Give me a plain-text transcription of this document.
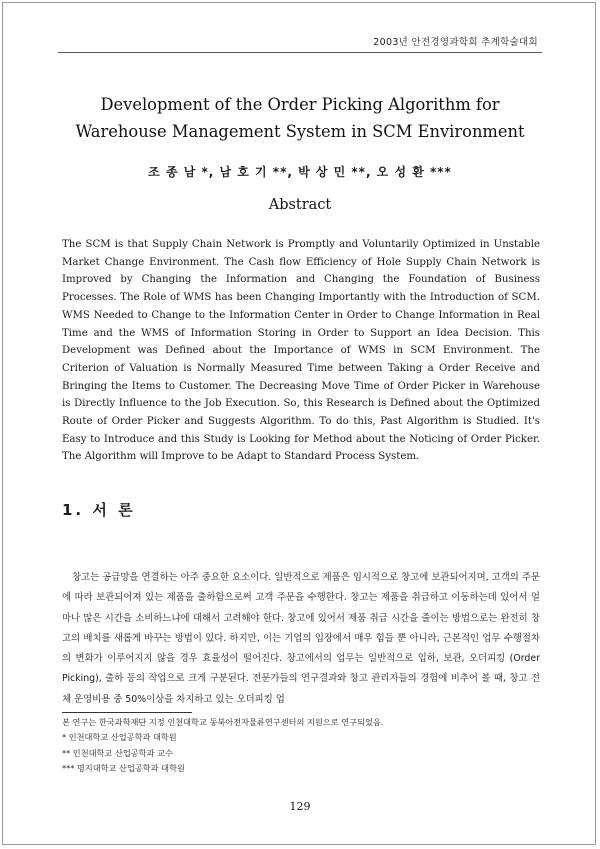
2003년 안전경영과학회 추계학술대회
Development of the Order Picking Algorithm for
Warehouse Management System in SCM Environment
조 종 남 *, 남 호 기 **, 박 상 민 **, 오 성 환 ***
Abstract
The SCM is that Supply Chain Network is Promptly and Voluntarily Optimized in Unstable Market Change Environment. The Cash flow Efficiency of Hole Supply Chain Network is Improved by Changing the Information and Changing the Foundation of Business Processes. The Role of WMS has been Changing Importantly with the Introduction of SCM. WMS Needed to Change to the Information Center in Order to Change Information in Real Time and the WMS of Information Storing in Order to Support an Idea Decision. This Development was Defined about the Importance of WMS in SCM Environment. The Criterion of Valuation is Normally Measured Time between Taking a Order Receive and Bringing the Items to Customer. The Decreasing Move Time of Order Picker in Warehouse is Directly Influence to the Job Execution. So, this Research is Defined about the Optimized Route of Order Picker and Suggests Algorithm. To do this, Past Algorithm is Studied. It's Easy to Introduce and this Study is Looking for Method about the Noticing of Order Picker. The Algorithm will Improve to be Adapt to Standard Process System.
1. 서 론
창고는 공급망을 연결하는 아주 중요한 요소이다. 일반적으로 제품은 임시적으로 창고에 보관되어지며, 고객의 주문에 따라 보관되어져 있는 제품을 출하함으로써 고객 주문을 수행한다. 창고는 제품을 취급하고 이동하는데 있어서 얼마나 많은 시간을 소비하느냐에 대해서 고려해야 한다. 창고에 있어서 제품 취급 시간을 줄이는 방법으로는 완전히 창고의 배치를 새롭게 바꾸는 방법이 있다. 하지만, 이는 기업의 입장에서 매우 힘들 뿐 아니라, 근본적인 업무 수행절차의 변화가 이루어지지 않을 경우 효율성이 떨어진다. 창고에서의 업무는 일반적으로 입하, 보관, 오더피킹 (Order Picking), 출하 등의 작업으로 크게 구분된다. 전문가들의 연구결과와 창고 관리자들의 경험에 비추어 볼 때, 창고 전체 운영비용 중 50%이상을 차지하고 있는 오더피킹 업
본 연구는 한국과학재단 지정 인천대학교 동북아전자물류연구센터의 지원으로 연구되었음.
* 인천대학교 산업공학과 대학원
** 인천대학교 산업공학과 교수
*** 명지대학교 산업공학과 대학원
129
